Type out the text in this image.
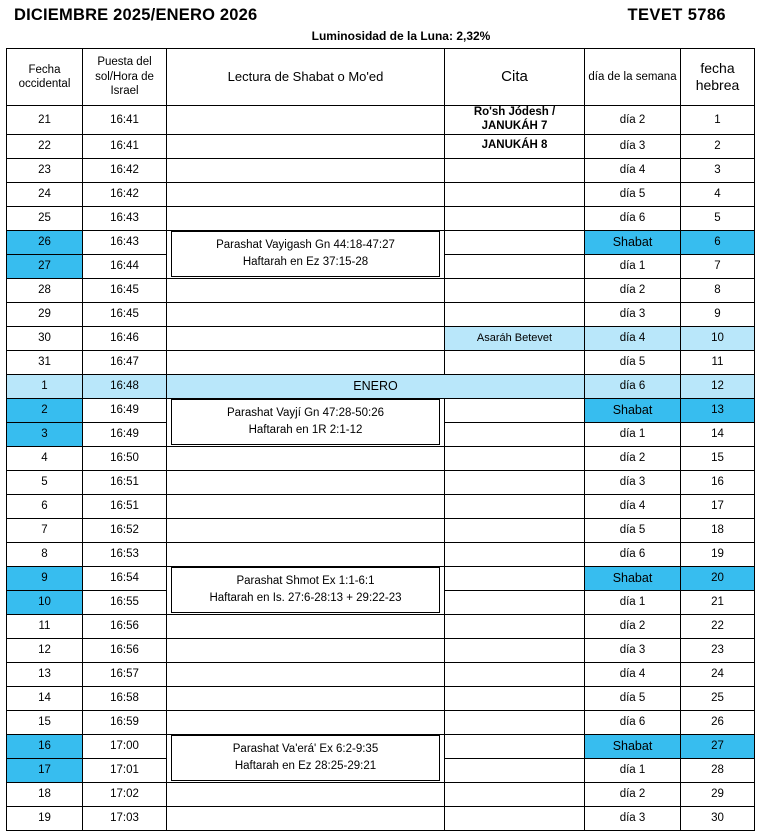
DICIEMBRE 2025/ENERO 2026	TEVET 5786
Luminosidad de la Luna: 2,32%
Fecha occidental	Puesta del sol/Hora de Israel	Lectura de Shabat o Mo'ed	Cita	día de la semana	fecha hebrea
21	16:41		Ro'sh Jódesh /
JANUKÁH 7	día 2	1
22	16:41		JANUKÁH 8	día 3	2
23	16:42			día 4	3
24	16:42			día 5	4
25	16:43			día 6	5
26	16:43	Parashat Vayigash Gn 44:18-47:27
Haftarah en Ez 37:15-28		Shabat	6
27	16:44			día 1	7
28	16:45			día 2	8
29	16:45			día 3	9
30	16:46		Asaráh Betevet	día 4	10
31	16:47			día 5	11
1	16:48	ENERO		día 6	12
2	16:49	Parashat Vayjí Gn 47:28-50:26
Haftarah en 1R 2:1-12		Shabat	13
3	16:49			día 1	14
4	16:50			día 2	15
5	16:51			día 3	16
6	16:51			día 4	17
7	16:52			día 5	18
8	16:53			día 6	19
9	16:54	Parashat Shmot Ex 1:1-6:1
Haftarah en Is. 27:6-28:13 + 29:22-23		Shabat	20
10	16:55			día 1	21
11	16:56			día 2	22
12	16:56			día 3	23
13	16:57			día 4	24
14	16:58			día 5	25
15	16:59			día 6	26
16	17:00	Parashat Va'erá' Ex 6:2-9:35
Haftarah en Ez 28:25-29:21		Shabat	27
17	17:01			día 1	28
18	17:02			día 2	29
19	17:03			día 3	30
